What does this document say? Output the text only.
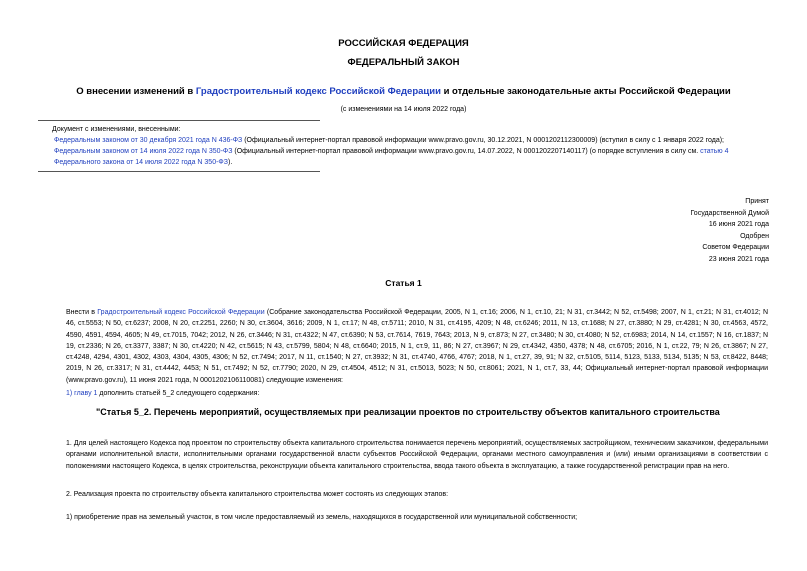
РОССИЙСКАЯ ФЕДЕРАЦИЯ
ФЕДЕРАЛЬНЫЙ ЗАКОН
О внесении изменений в Градостроительный кодекс Российской Федерации и отдельные законодательные акты Российской Федерации
(с изменениями на 14 июля 2022 года)

Документ с изменениями, внесенными:

Федеральным законом от 30 декабря 2021 года N 436-ФЗ (Официальный интернет-портал правовой информации www.pravo.gov.ru, 30.12.2021, N 0001202112300009) (вступил в силу с 1 января 2022 года);

Федеральным законом от 14 июля 2022 года N 350-ФЗ (Официальный интернет-портал правовой информации www.pravo.gov.ru, 14.07.2022, N 0001202207140117) (о порядке вступления в силу см. статью 4 Федерального закона от 14 июля 2022 года N 350-ФЗ).

Принят

Государственной Думой

16 июня 2021 года

Одобрен

Советом Федерации

23 июня 2021 года

Статья 1

Внести в Градостроительный кодекс Российской Федерации (Собрание законодательства Российской Федерации, 2005, N 1, ст.16; 2006, N 1, ст.10, 21; N 31, ст.3442; N 52, ст.5498; 2007, N 1, ст.21; N 31, ст.4012; N 46, ст.5553; N 50, ст.6237; 2008, N 20, ст.2251, 2260; N 30, ст.3604, 3616; 2009, N 1, ст.17; N 48, ст.5711; 2010, N 31, ст.4195, 4209; N 48, ст.6246; 2011, N 13, ст.1688; N 27, ст.3880; N 29, ст.4281; N 30, ст.4563, 4572, 4590, 4591, 4594, 4605; N 49, ст.7015, 7042; 2012, N 26, ст.3446; N 31, ст.4322; N 47, ст.6390; N 53, ст.7614, 7619, 7643; 2013, N 9, ст.873; N 27, ст.3480; N 30, ст.4080; N 52, ст.6983; 2014, N 14, ст.1557; N 16, ст.1837; N 19, ст.2336; N 26, ст.3377, 3387; N 30, ст.4220; N 42, ст.5615; N 43, ст.5799, 5804; N 48, ст.6640; 2015, N 1, ст.9, 11, 86; N 27, ст.3967; N 29, ст.4342, 4350, 4378; N 48, ст.6705; 2016, N 1, ст.22, 79; N 26, ст.3867; N 27, ст.4248, 4294, 4301, 4302, 4303, 4304, 4305, 4306; N 52, ст.7494; 2017, N 11, ст.1540; N 27, ст.3932; N 31, ст.4740, 4766, 4767; 2018, N 1, ст.27, 39, 91; N 32, ст.5105, 5114, 5123, 5133, 5134, 5135; N 53, ст.8422, 8448; 2019, N 26, ст.3317; N 31, ст.4442, 4453; N 51, ст.7492; N 52, ст.7790; 2020, N 29, ст.4504, 4512; N 31, ст.5013, 5023; N 50, ст.8061; 2021, N 1, ст.7, 33, 44; Официальный интернет-портал правовой информации (www.pravo.gov.ru), 11 июня 2021 года, N 0001202106110081) следующие изменения:

1) главу 1 дополнить статьей 5_2 следующего содержания:

"Статья 5_2. Перечень мероприятий, осуществляемых при реализации проектов по строительству объектов капитального строительства

1. Для целей настоящего Кодекса под проектом по строительству объекта капитального строительства понимается перечень мероприятий, осуществляемых застройщиком, техническим заказчиком, федеральными органами исполнительной власти, исполнительными органами государственной власти субъектов Российской Федерации, органами местного самоуправления и (или) иными организациями в соответствии с положениями настоящего Кодекса, в целях строительства, реконструкции объекта капитального строительства, ввода такого объекта в эксплуатацию, а также государственной регистрации прав на него.

2. Реализация проекта по строительству объекта капитального строительства может состоять из следующих этапов:

1) приобретение прав на земельный участок, в том числе предоставляемый из земель, находящихся в государственной или муниципальной собственности;
